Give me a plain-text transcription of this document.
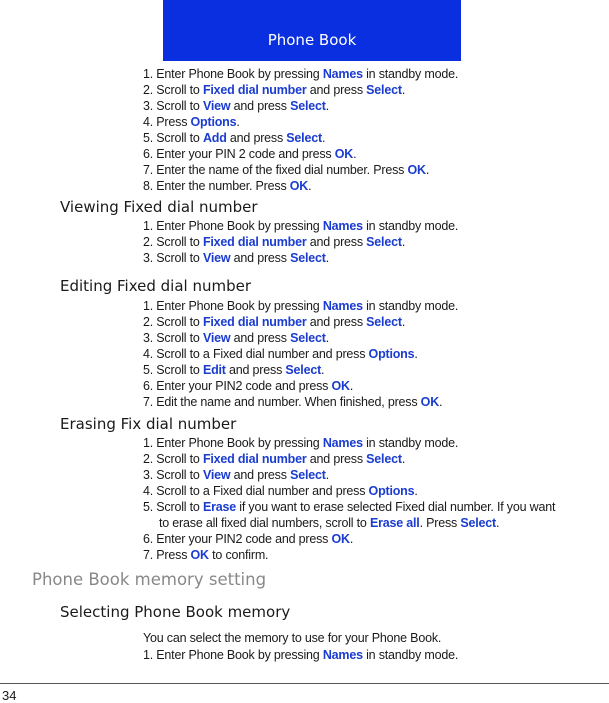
Phone Book
1. Enter Phone Book by pressing Names in standby mode.
2. Scroll to Fixed dial number and press Select.
3. Scroll to View and press Select.
4. Press Options.
5. Scroll to Add and press Select.
6. Enter your PIN 2 code and press OK.
7. Enter the name of the fixed dial number. Press OK.
8. Enter the number. Press OK.
Viewing Fixed dial number
1. Enter Phone Book by pressing Names in standby mode.
2. Scroll to Fixed dial number and press Select.
3. Scroll to View and press Select.
Editing Fixed dial number
1. Enter Phone Book by pressing Names in standby mode.
2. Scroll to Fixed dial number and press Select.
3. Scroll to View and press Select.
4. Scroll to a Fixed dial number and press Options.
5. Scroll to Edit and press Select.
6. Enter your PIN2 code and press OK.
7. Edit the name and number. When finished, press OK.
Erasing Fix dial number
1. Enter Phone Book by pressing Names in standby mode.
2. Scroll to Fixed dial number and press Select.
3. Scroll to View and press Select.
4. Scroll to a Fixed dial number and press Options.
5. Scroll to Erase if you want to erase selected Fixed dial number. If you want
to erase all fixed dial numbers, scroll to Erase all. Press Select.
6. Enter your PIN2 code and press OK.
7. Press OK to confirm.
Phone Book memory setting
Selecting Phone Book memory
You can select the memory to use for your Phone Book.
1. Enter Phone Book by pressing Names in standby mode.
34
